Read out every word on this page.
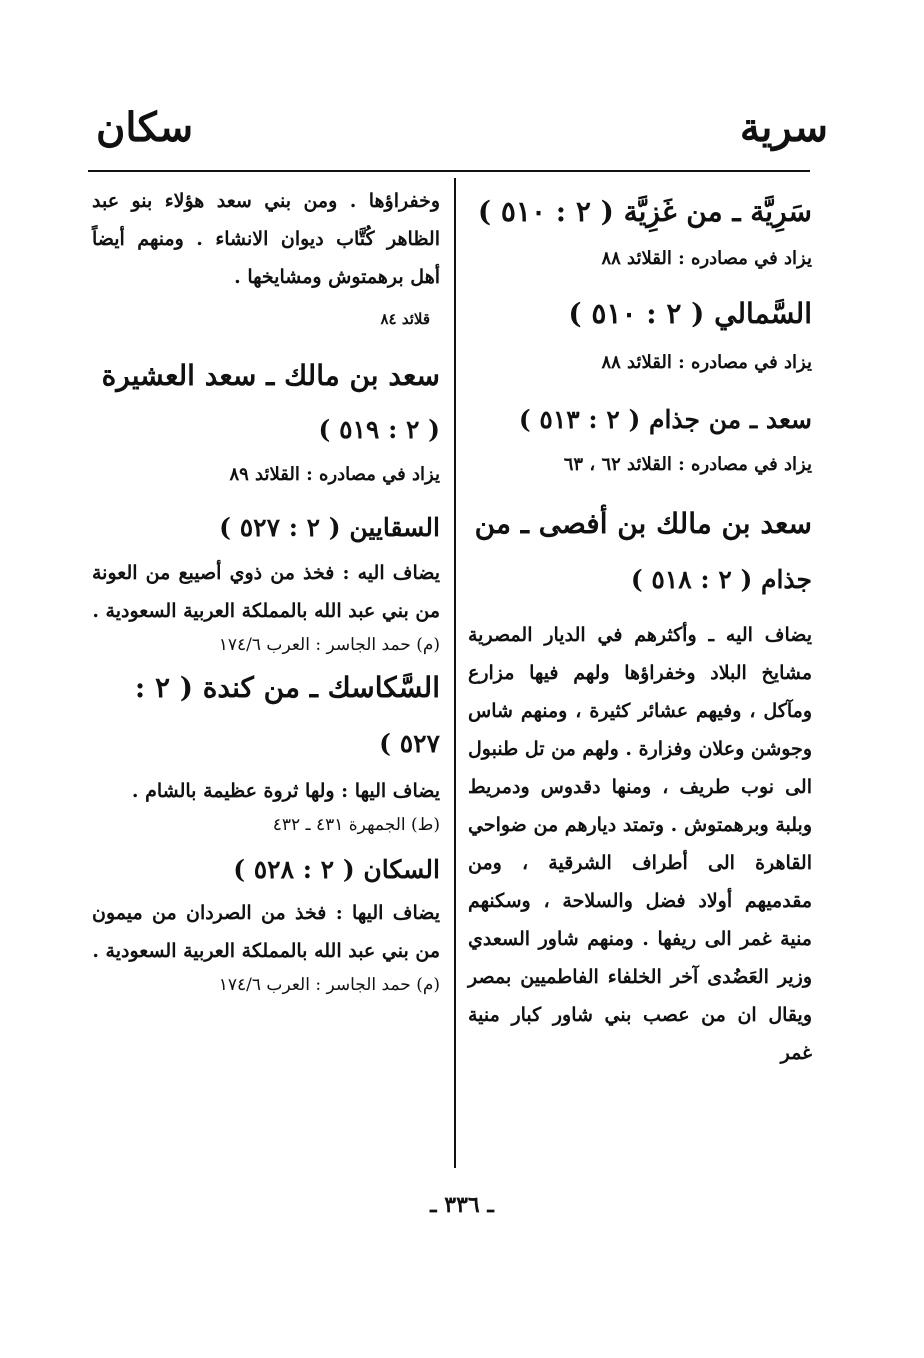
سرية
سكان

سَرِيَّة ـ من غَزِيَّة ( ٢ : ٥١٠ )

يزاد في مصادره : القلائد ٨٨

السَّمالي ( ٢ : ٥١٠ )

يزاد في مصادره : القلائد ٨٨

سعد ـ من جذام ( ٢ : ٥١٣ )

يزاد في مصادره : القلائد ٦٢ ، ٦٣

سعد بن مالك بن أفصى ـ من

جذام ( ٢ : ٥١٨ )

يضاف اليه ـ وأكثرهم في الديار المصرية مشايخ البلاد وخفراؤها ولهم فيها مزارع ومآكل ، وفيهم عشائر كثيرة ، ومنهم شاس وجوشن وعلان وفزارة . ولهم من تل طنبول الى نوب طريف ، ومنها دقدوس ودمريط وبلبة وبرهمتوش . وتمتد ديارهم من ضواحي القاهرة الى أطراف الشرقية ، ومن مقدميهم أولاد فضل والسلاحة ، وسكنهم منية غمر الى ريفها . ومنهم شاور السعدي وزير العَضُدى آخر الخلفاء الفاطميين بمصر ويقال ان من عصب بني شاور كبار منية غمر

وخفراؤها . ومن بني سعد هؤلاء بنو عبد الظاهر كُتَّاب ديوان الانشاء . ومنهم أيضاً أهل برهمتوش ومشايخها .

قلائد ٨٤

سعد بن مالك ـ سعد العشيرة

( ٢ : ٥١٩ )

يزاد في مصادره : القلائد ٨٩

السقايين ( ٢ : ٥٢٧ )

يضاف اليه : فخذ من ذوي أصيبع من العونة من بني عبد الله بالمملكة العربية السعودية .

(م) حمد الجاسر : العرب ١٧٤/٦

السَّكاسك ـ من كندة ( ٢ :

٥٢٧ )

يضاف اليها : ولها ثروة عظيمة بالشام .

(ط) الجمهرة ٤٣١ ـ ٤٣٢

السكان ( ٢ : ٥٢٨ )

يضاف اليها : فخذ من الصردان من ميمون من بني عبد الله بالمملكة العربية السعودية .

(م) حمد الجاسر : العرب ١٧٤/٦

ـ ٣٣٦ ـ
